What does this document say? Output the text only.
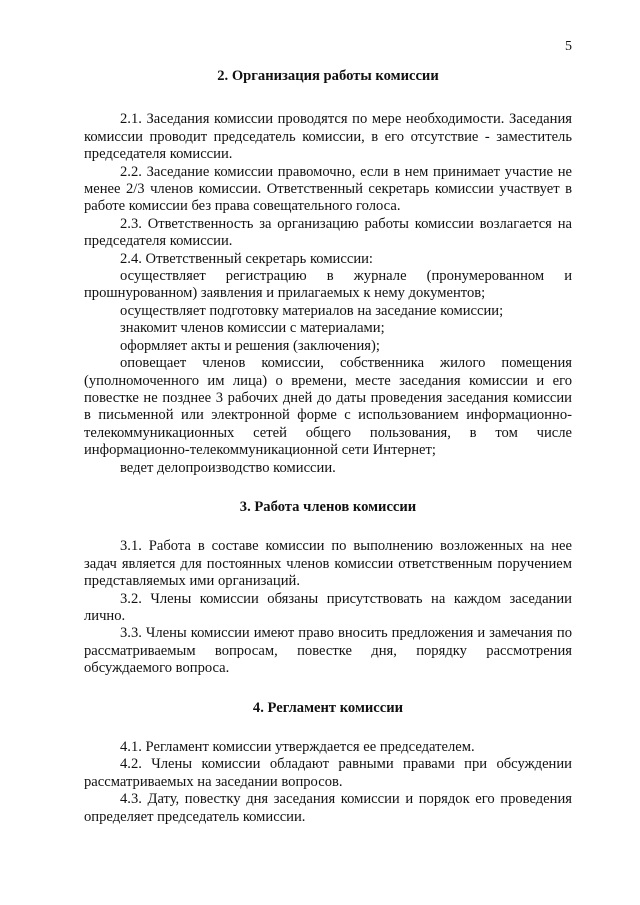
5
2. Организация работы комиссии

2.1. Заседания комиссии проводятся по мере необходимости. Заседания комиссии проводит председатель комиссии, в его отсутствие - заместитель председателя комиссии.

2.2. Заседание комиссии правомочно, если в нем принимает участие не менее 2/3 членов комиссии. Ответственный секретарь комиссии участвует в работе комиссии без права совещательного голоса.

2.3. Ответственность за организацию работы комиссии возлагается на председателя комиссии.

2.4. Ответственный секретарь комиссии:

осуществляет регистрацию в журнале (пронумерованном и прошнурованном) заявления и прилагаемых к нему документов;

осуществляет подготовку материалов на заседание комиссии;

знакомит членов комиссии с материалами;

оформляет акты и решения (заключения);

оповещает членов комиссии, собственника жилого помещения (уполномоченного им лица) о времени, месте заседания комиссии и его повестке не позднее 3 рабочих дней до даты проведения заседания комиссии в письменной или электронной форме с использованием информационно-телекоммуникационных сетей общего пользования, в том числе информационно-телекоммуникационной сети Интернет;

ведет делопроизводство комиссии.

3. Работа членов комиссии

3.1. Работа в составе комиссии по выполнению возложенных на нее задач является для постоянных членов комиссии ответственным поручением представляемых ими организаций.

3.2. Члены комиссии обязаны присутствовать на каждом заседании лично.

3.3. Члены комиссии имеют право вносить предложения и замечания по рассматриваемым вопросам, повестке дня, порядку рассмотрения обсуждаемого вопроса.

4. Регламент комиссии

4.1. Регламент комиссии утверждается ее председателем.

4.2. Члены комиссии обладают равными правами при обсуждении рассматриваемых на заседании вопросов.

4.3. Дату, повестку дня заседания комиссии и порядок его проведения определяет председатель комиссии.
